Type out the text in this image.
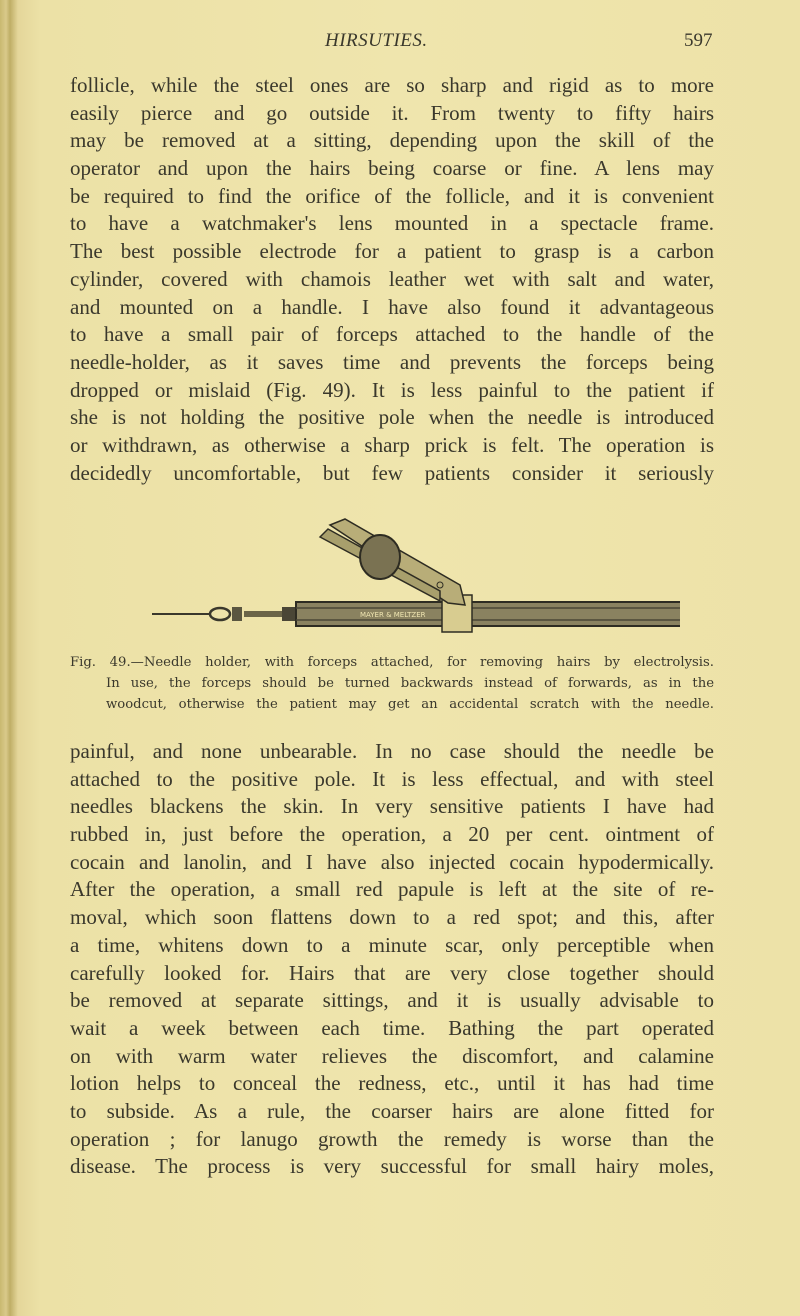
HIRSUTIES.	597
follicle, while the steel ones are so sharp and rigid as to more
easily pierce and go outside it. From twenty to fifty hairs
may be removed at a sitting, depending upon the skill of the
operator and upon the hairs being coarse or fine. A lens may
be required to find the orifice of the follicle, and it is convenient
to have a watchmaker's lens mounted in a spectacle frame.
The best possible electrode for a patient to grasp is a carbon
cylinder, covered with chamois leather wet with salt and water,
and mounted on a handle. I have also found it advantageous
to have a small pair of forceps attached to the handle of the
needle-holder, as it saves time and prevents the forceps being
dropped or mislaid (Fig. 49). It is less painful to the patient if
she is not holding the positive pole when the needle is introduced
or withdrawn, as otherwise a sharp prick is felt. The operation is
decidedly uncomfortable, but few patients consider it seriously
MAYER & MELTZER
Fig. 49.—Needle holder, with forceps attached, for removing hairs by electrolysis.
In use, the forceps should be turned backwards instead of forwards, as in the
woodcut, otherwise the patient may get an accidental scratch with the needle.
painful, and none unbearable. In no case should the needle be
attached to the positive pole. It is less effectual, and with steel
needles blackens the skin. In very sensitive patients I have had
rubbed in, just before the operation, a 20 per cent. ointment of
cocain and lanolin, and I have also injected cocain hypodermically.
After the operation, a small red papule is left at the site of re-
moval, which soon flattens down to a red spot; and this, after
a time, whitens down to a minute scar, only perceptible when
carefully looked for. Hairs that are very close together should
be removed at separate sittings, and it is usually advisable to
wait a week between each time. Bathing the part operated
on with warm water relieves the discomfort, and calamine
lotion helps to conceal the redness, etc., until it has had time
to subside. As a rule, the coarser hairs are alone fitted for
operation ; for lanugo growth the remedy is worse than the
disease. The process is very successful for small hairy moles,
